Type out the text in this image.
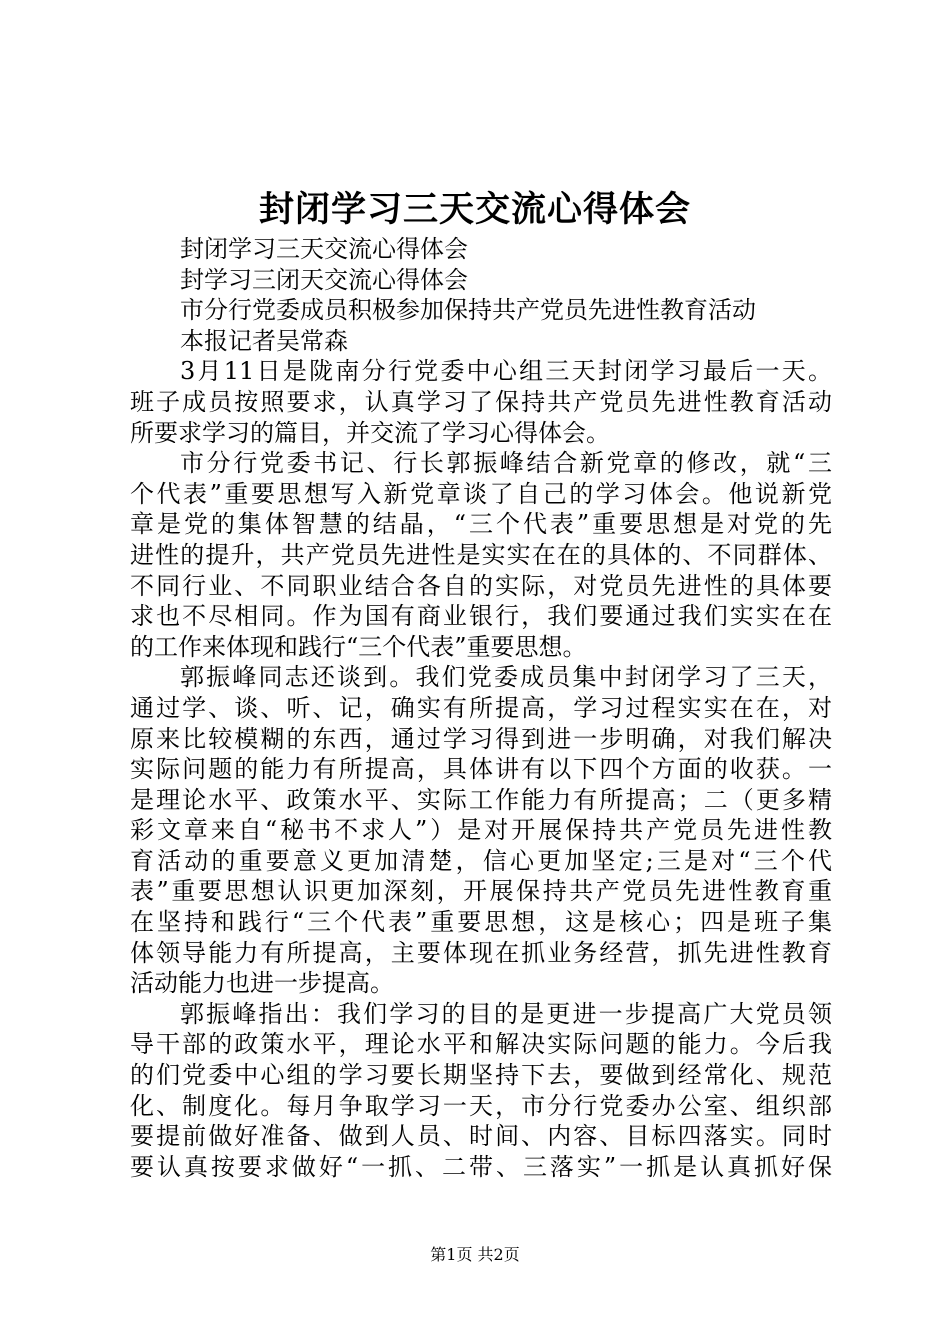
封闭学习三天交流心得体会
封闭学习三天交流心得体会
封学习三闭天交流心得体会
市分行党委成员积极参加保持共产党员先进性教育活动
本报记者吴常森
3月11日是陇南分行党委中心组三天封闭学习最后一天。
班子成员按照要求，认真学习了保持共产党员先进性教育活动
所要求学习的篇目，并交流了学习心得体会。
市分行党委书记、行长郭振峰结合新党章的修改，就“三
个代表”重要思想写入新党章谈了自己的学习体会。他说新党
章是党的集体智慧的结晶，“三个代表”重要思想是对党的先
进性的提升，共产党员先进性是实实在在的具体的、不同群体、
不同行业、不同职业结合各自的实际，对党员先进性的具体要
求也不尽相同。作为国有商业银行，我们要通过我们实实在在
的工作来体现和践行“三个代表”重要思想。
郭振峰同志还谈到。我们党委成员集中封闭学习了三天，
通过学、谈、听、记，确实有所提高，学习过程实实在在，对
原来比较模糊的东西，通过学习得到进一步明确，对我们解决
实际问题的能力有所提高，具体讲有以下四个方面的收获。一
是理论水平、政策水平、实际工作能力有所提高；二（更多精
彩文章来自“秘书不求人”）是对开展保持共产党员先进性教
育活动的重要意义更加清楚，信心更加坚定;三是对“三个代
表”重要思想认识更加深刻，开展保持共产党员先进性教育重
在坚持和践行“三个代表”重要思想，这是核心；四是班子集
体领导能力有所提高，主要体现在抓业务经营，抓先进性教育
活动能力也进一步提高。
郭振峰指出：我们学习的目的是更进一步提高广大党员领
导干部的政策水平，理论水平和解决实际问题的能力。今后我
的们党委中心组的学习要长期坚持下去，要做到经常化、规范
化、制度化。每月争取学习一天，市分行党委办公室、组织部
要提前做好准备、做到人员、时间、内容、目标四落实。同时
要认真按要求做好“一抓、二带、三落实”一抓是认真抓好保
第1页 共2页
